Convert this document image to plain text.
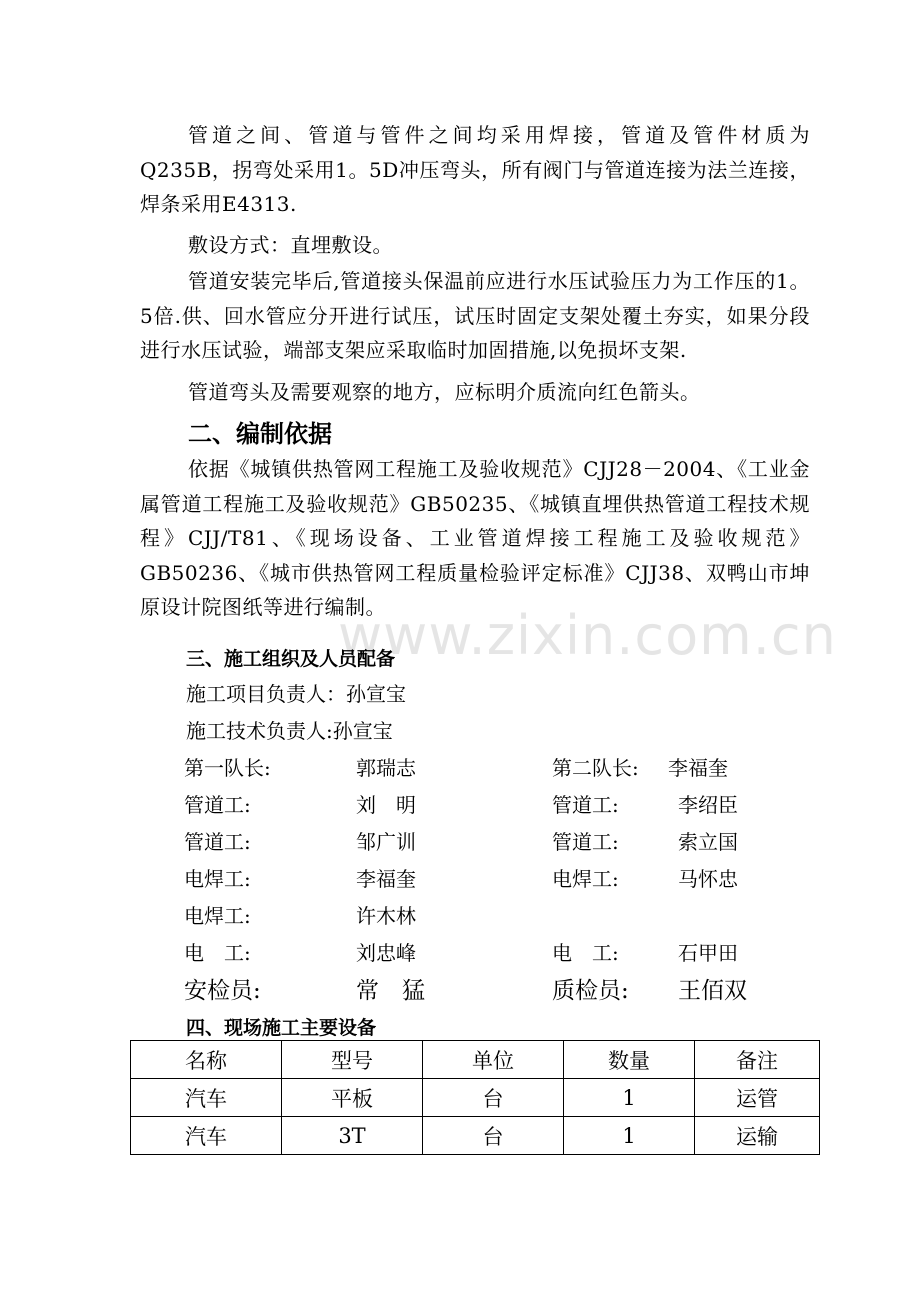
管道之间、管道与管件之间均采用焊接，管道及管件材质为Q235B，拐弯处采用1。5D冲压弯头，所有阀门与管道连接为法兰连接，焊条采用E4313.

敷设方式：直埋敷设。

管道安装完毕后,管道接头保温前应进行水压试验压力为工作压的1。5倍.供、回水管应分开进行试压，试压时固定支架处覆土夯实，如果分段进行水压试验，端部支架应采取临时加固措施,以免损坏支架.

管道弯头及需要观察的地方，应标明介质流向红色箭头。

二、编制依据

依据《城镇供热管网工程施工及验收规范》CJJ28－2004、《工业金属管道工程施工及验收规范》GB50235、《城镇直埋供热管道工程技术规程》CJJ/T81、《现场设备、工业管道焊接工程施工及验收规范》GB50236、《城市供热管网工程质量检验评定标准》CJJ38、双鸭山市坤原设计院图纸等进行编制。

www.zixin.com.cn
三、施工组织及人员配备

施工项目负责人：孙宣宝

施工技术负责人:孙宣宝

第一队长:	郭瑞志	第二队长: 李福奎
管道工:	刘　明	管道工:	李绍臣
管道工:	邹广训	管道工:	索立国
电焊工:	李福奎	电焊工:	马怀忠
电焊工:	许木林
电　工:	刘忠峰	电　工:	石甲田
安检员:	常　猛	质检员: 王佰双
四、现场施工主要设备
名称	型号	单位	数量	备注
汽车	平板	台	1	运管
汽车	3T	台	1	运输
